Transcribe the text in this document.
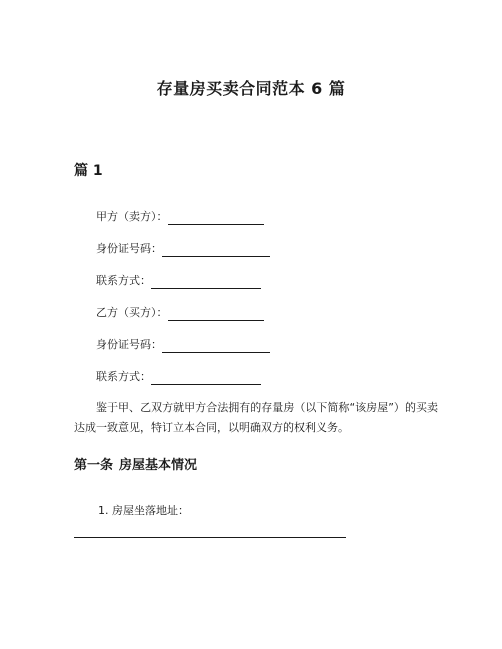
存量房买卖合同范本 6 篇
篇 1
甲方（卖方）：
身份证号码：
联系方式：
乙方（买方）：
身份证号码：
联系方式：
鉴于甲、乙双方就甲方合法拥有的存量房（以下简称“该房屋”）的买卖达成一致意见，特订立本合同，以明确双方的权利义务。
第一条 房屋基本情况
1. 房屋坐落地址：
